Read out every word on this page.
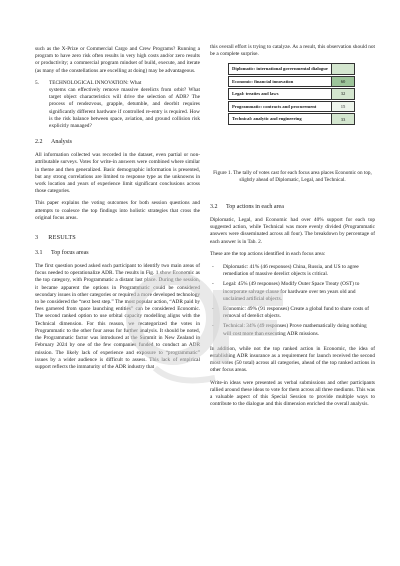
such as the X-Prize or Commercial Cargo and Crew Programs? Running a program to have zero risk often results in very high costs and/or zero results or productivity; a commercial program mindset of build, execute, and iterate (as many of the constellations are excelling at doing) may be advantageous.

5. TECHNOLOGICAL INNOVATION: What
systems can effectively remove massive derelicts from orbit? What target object characteristics will drive the selection of ADR? The process of rendezvous, grapple, detumble, and deorbit requires significantly different hardware if controlled re-entry is required. How is the risk balance between space, aviation, and ground collision risk explicitly managed?
2.2 Analysis

All information collected was recorded in the dataset, even partial or non-attributable surveys. Votes for write-in answers were combined where similar in theme and then generalized. Basic demographic information is presented, but any strong correlations are limited to response type as the unknowns in work location and years of experience limit significant conclusions across those categories.

This paper explains the voting outcomes for both session questions and attempts to coalesce the top findings into holistic strategies that cross the original focus areas.

3 RESULTS
3.1 Top focus areas

The first question posed asked each participant to identify two main areas of focus needed to operationalize ADR. The results in Fig. 1 show Economic as the top category, with Programmatic a distant last place. During the session, it became apparent the options in Programmatic could be considered secondary issues in other categories or required a more developed technology to be considered the “next best step.” The most popular action, “ADR paid by fees garnered from space launching entities” can be considered Economic. The second ranked option to use orbital capacity modelling aligns with the Technical dimension. For this reason, we recategorized the votes in Programmatic to the other four areas for further analysis. It should be noted, the Programmatic factor was introduced at the Summit in New Zealand in February 2024 by one of the few companies funded to conduct an ADR mission. The likely lack of experience and exposure to “programmatic” issues by a wider audience is difficult to assess. This lack of empirical support reflects the immaturity of the ADR industry that

this overall effort is trying to catalyze. As a result, this observation should not be a complete surprise.

Diplomatic: international governmental dialogue
Economic: financial innovation	60
Legal: treaties and laws	32
Programmatic: contracts and procurement	15
Technical: analytic and engineering	33
Figure 1. The tally of votes cast for each focus area places Economic on top, slightly ahead of Diplomatic, Legal, and Technical.
3.2 Top actions in each area

Diplomatic, Legal, and Economic had over 40% support for each top suggested action, while Technical was more evenly divided (Programmatic answers were disseminated across all four). The breakdown by percentage of each answer is in Tab. 2.

These are the top actions identified in each focus area:

- Diplomatic: 41% (46 responses) China, Russia, and US to agree remediation of massive derelict objects is critical.
- Legal: 45% (49 responses) Modify Outer Space Treaty (OST) to incorporate salvage clause for hardware over ten years old and unclaimed artificial objects.
- Economic: 49% (91 responses) Create a global fund to share costs of removal of derelict objects.
- Technical: 34% (49 responses) Prove mathematically doing nothing will cost more than executing ADR missions.

In addition, while not the top ranked action in Economic, the idea of establishing ADR insurance as a requirement for launch received the second most votes (50 total) across all categories, ahead of the top ranked actions in other focus areas.

Write-in ideas were presented as verbal submissions and other participants rallied around these ideas to vote for them across all three mediums. This was a valuable aspect of this Special Session to provide multiple ways to contribute to the dialogue and this dimension enriched the overall analysis.
